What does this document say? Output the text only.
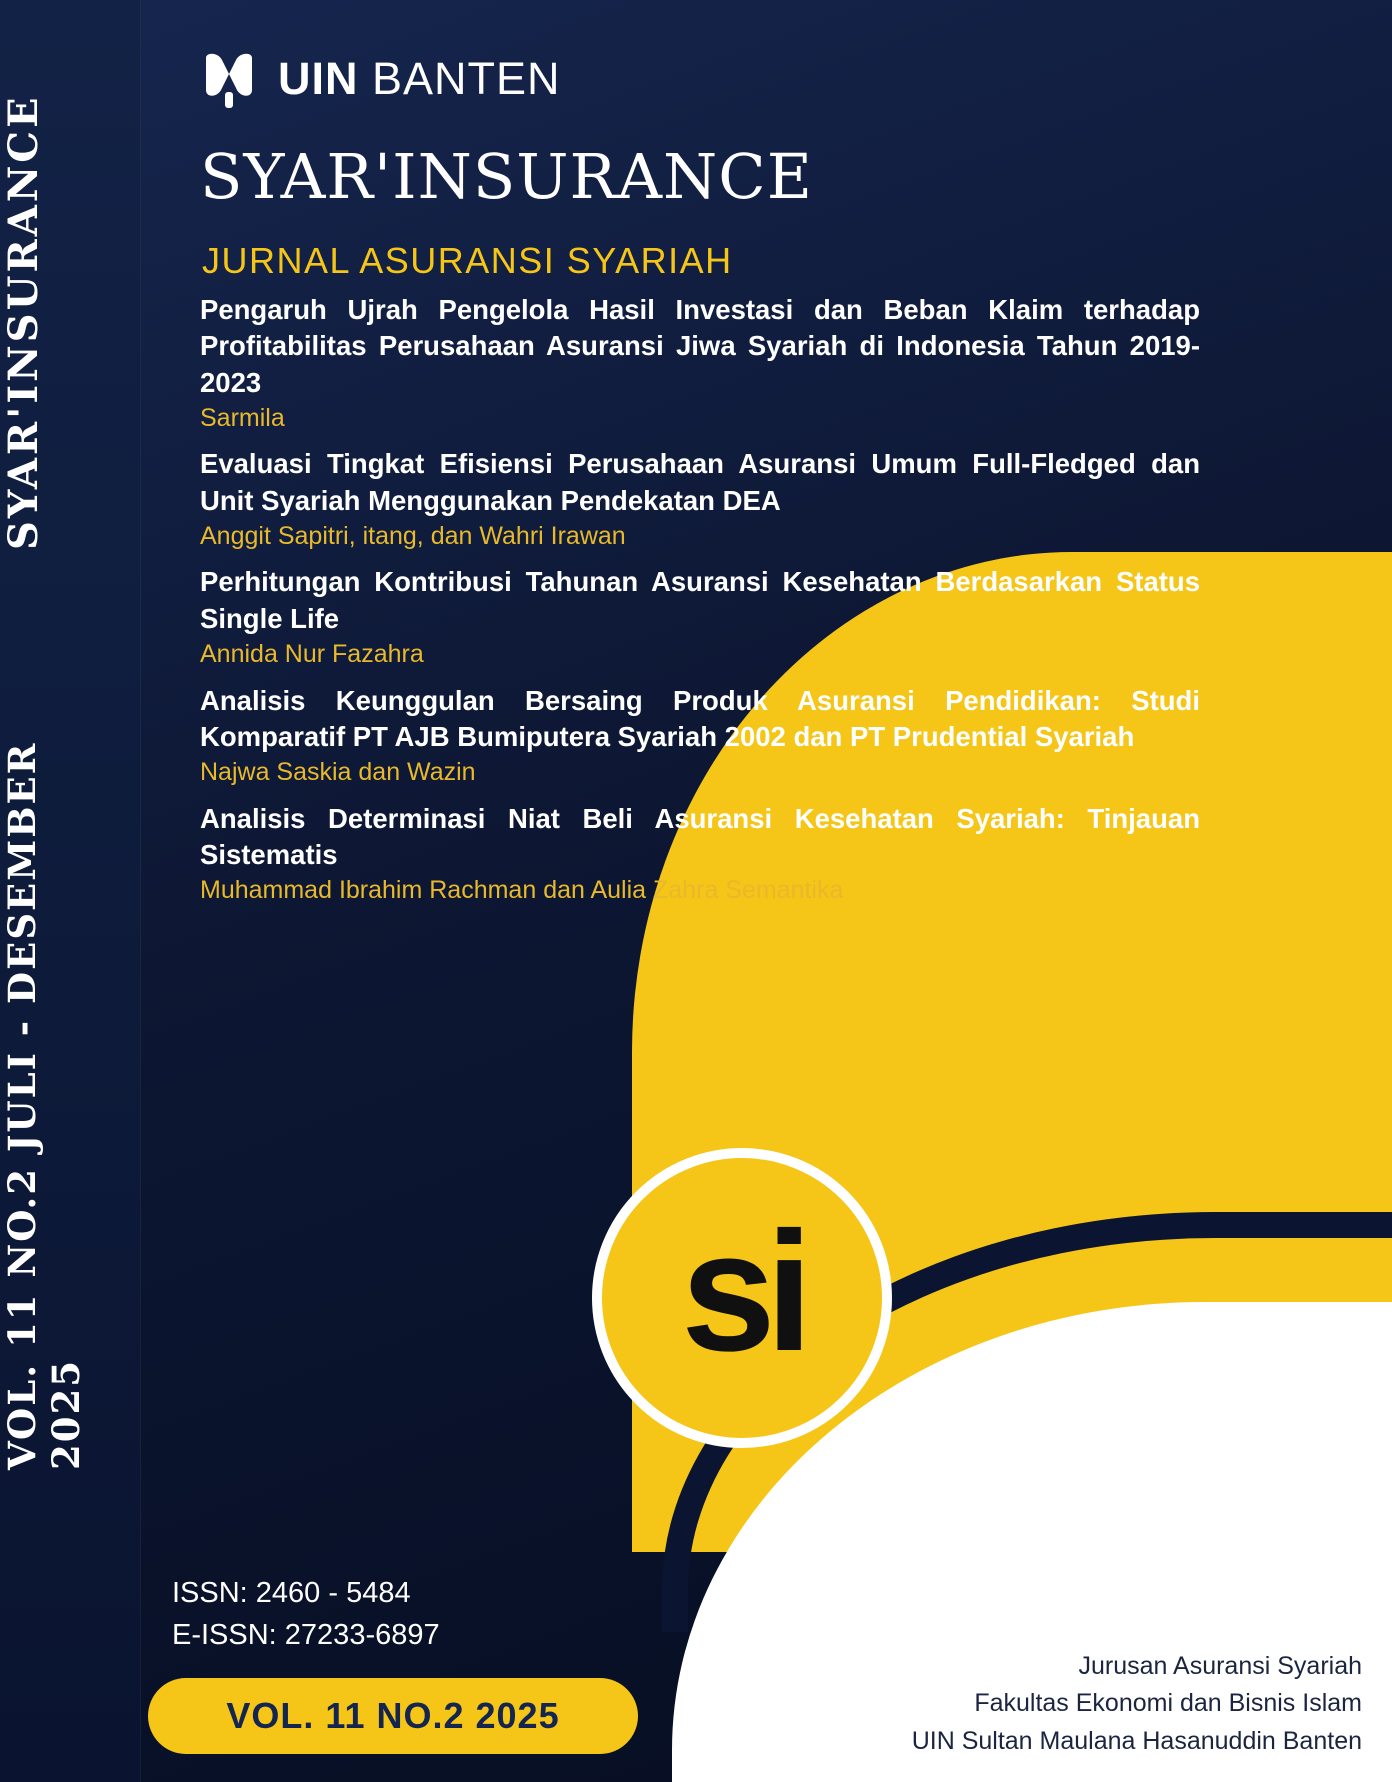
SYAR'INSURANCE
VOL. 11 NO.2 JULI - DESEMBER 2025
UIN BANTEN
SYAR'INSURANCE
JURNAL ASURANSI SYARIAH

Pengaruh Ujrah Pengelola Hasil Investasi dan Beban Klaim terhadap Profitabilitas Perusahaan Asuransi Jiwa Syariah di Indonesia Tahun 2019-2023

Sarmila

Evaluasi Tingkat Efisiensi Perusahaan Asuransi Umum Full-Fledged dan Unit Syariah Menggunakan Pendekatan DEA

Anggit Sapitri, itang, dan Wahri Irawan

Perhitungan Kontribusi Tahunan Asuransi Kesehatan Berdasarkan Status Single Life

Annida Nur Fazahra

Analisis Keunggulan Bersaing Produk Asuransi Pendidikan: Studi Komparatif PT AJB Bumiputera Syariah 2002 dan PT Prudential Syariah

Najwa Saskia dan Wazin

Analisis Determinasi Niat Beli Asuransi Kesehatan Syariah: Tinjauan Sistematis

Muhammad Ibrahim Rachman dan Aulia Zahra Semantika

si
ISSN: 2460 - 5484
E-ISSN: 27233-6897
VOL. 11 NO.2 2025
Jurusan Asuransi Syariah
Fakultas Ekonomi dan Bisnis Islam
UIN Sultan Maulana Hasanuddin Banten
